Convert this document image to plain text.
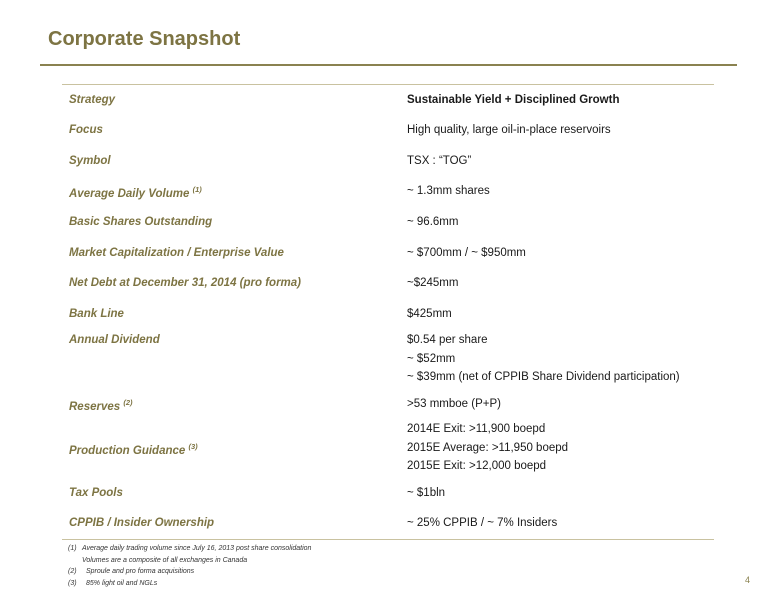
Corporate Snapshot
Strategy
Focus
Symbol
Average Daily Volume $^{(1)}$
Basic Shares Outstanding
Market Capitalization / Enterprise Value
Net Debt at December 31, 2014 (pro forma)
Bank Line
Annual Dividend
Reserves $^{(2)}$
Production Guidance $^{(3)}$
Tax Pools
CPPIB / Insider Ownership
Sustainable Yield + Disciplined Growth
High quality, large oil-in-place reservoirs
TSX : “TOG”
~ 1.3mm shares
~ 96.6mm
~ $700mm / ~ $950mm
~$245mm
$425mm
$0.54 per share
~ $52mm
~ $39mm (net of CPPIB Share Dividend participation)
>53 mmboe (P+P)
2014E Exit: >11,900 boepd
2015E Average: >11,950 boepd
2015E Exit: >12,000 boepd
~ $1bln
~ 25% CPPIB / ~ 7% Insiders
(1) Average daily trading volume since July 16, 2013 post share consolidation
Volumes are a composite of all exchanges in Canada
(2) Sproule and pro forma acquisitions
(3) 85% light oil and NGLs	4
